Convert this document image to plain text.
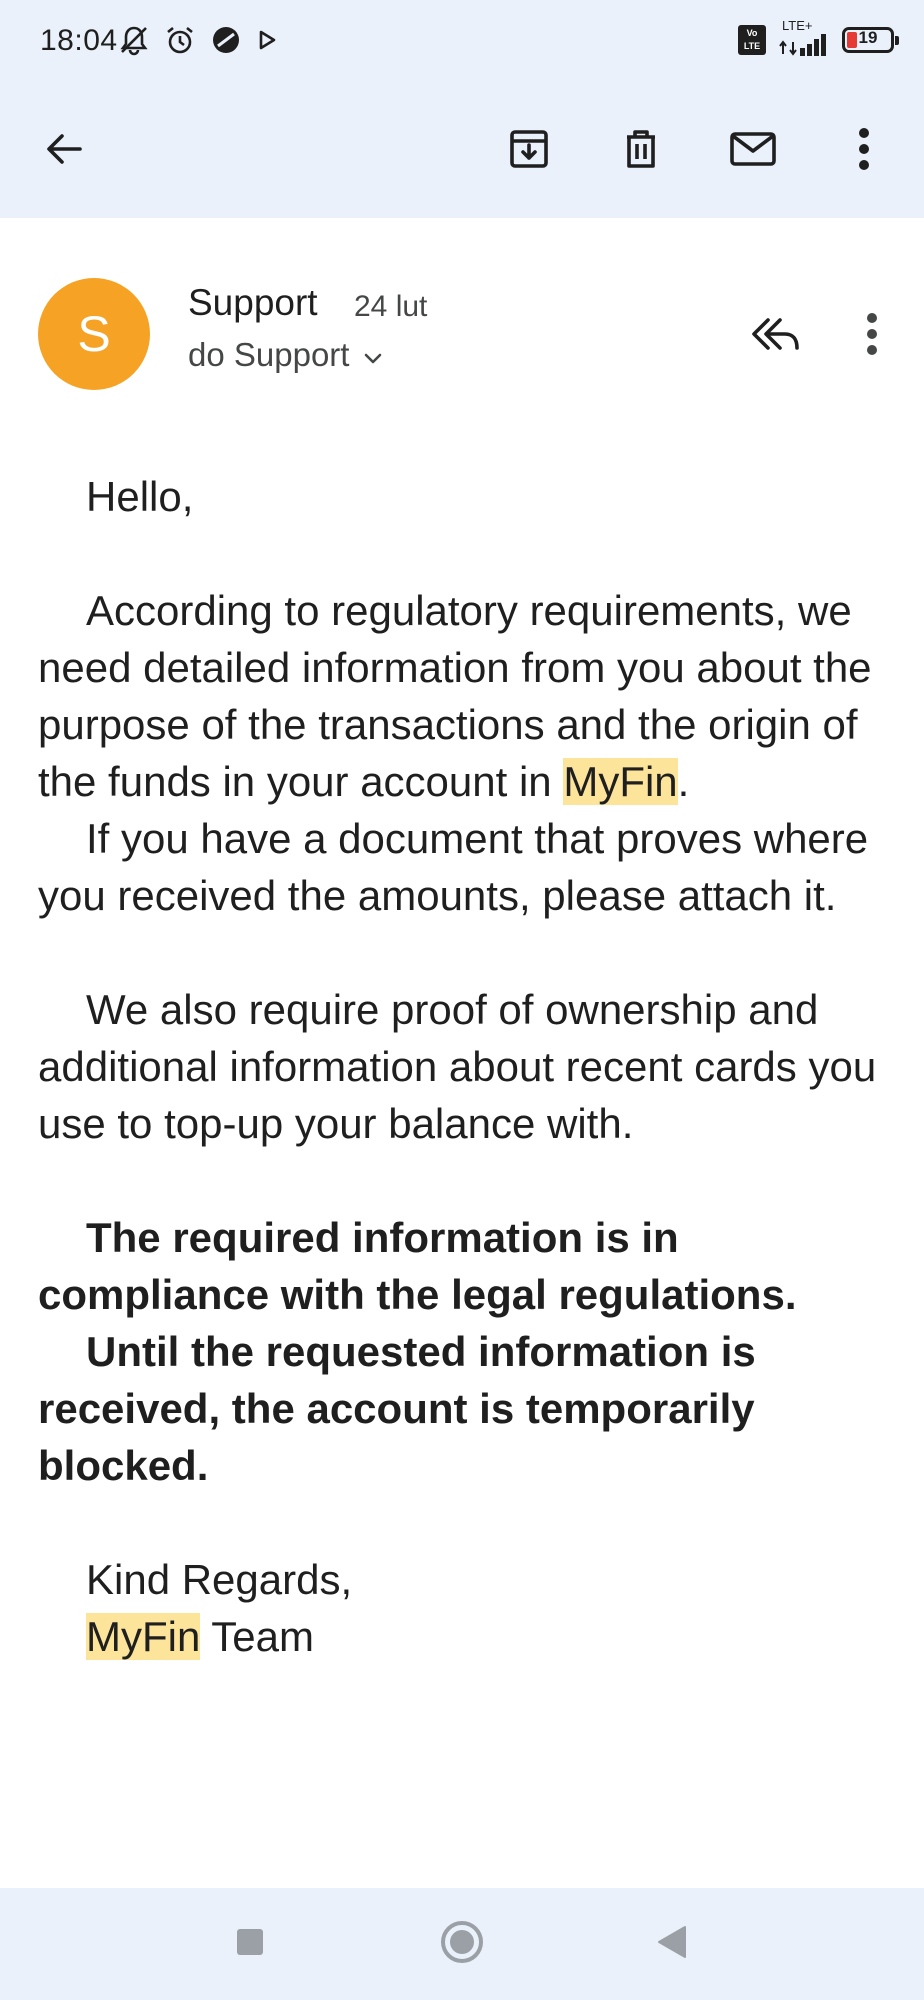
18:04	Vo
LTE
LTE+
19
S
Support 24 lut
do Support

Hello,

According to regulatory requirements, we need detailed information from you about the purpose of the transactions and the origin of the funds in your account in MyFin.

If you have a document that proves where you received the amounts, please attach it.

We also require proof of ownership and additional information about recent cards you use to top-up your balance with.

The required information is in compliance with the legal regulations.

Until the requested information is received, the account is temporarily blocked.

Kind Regards,

MyFin Team
